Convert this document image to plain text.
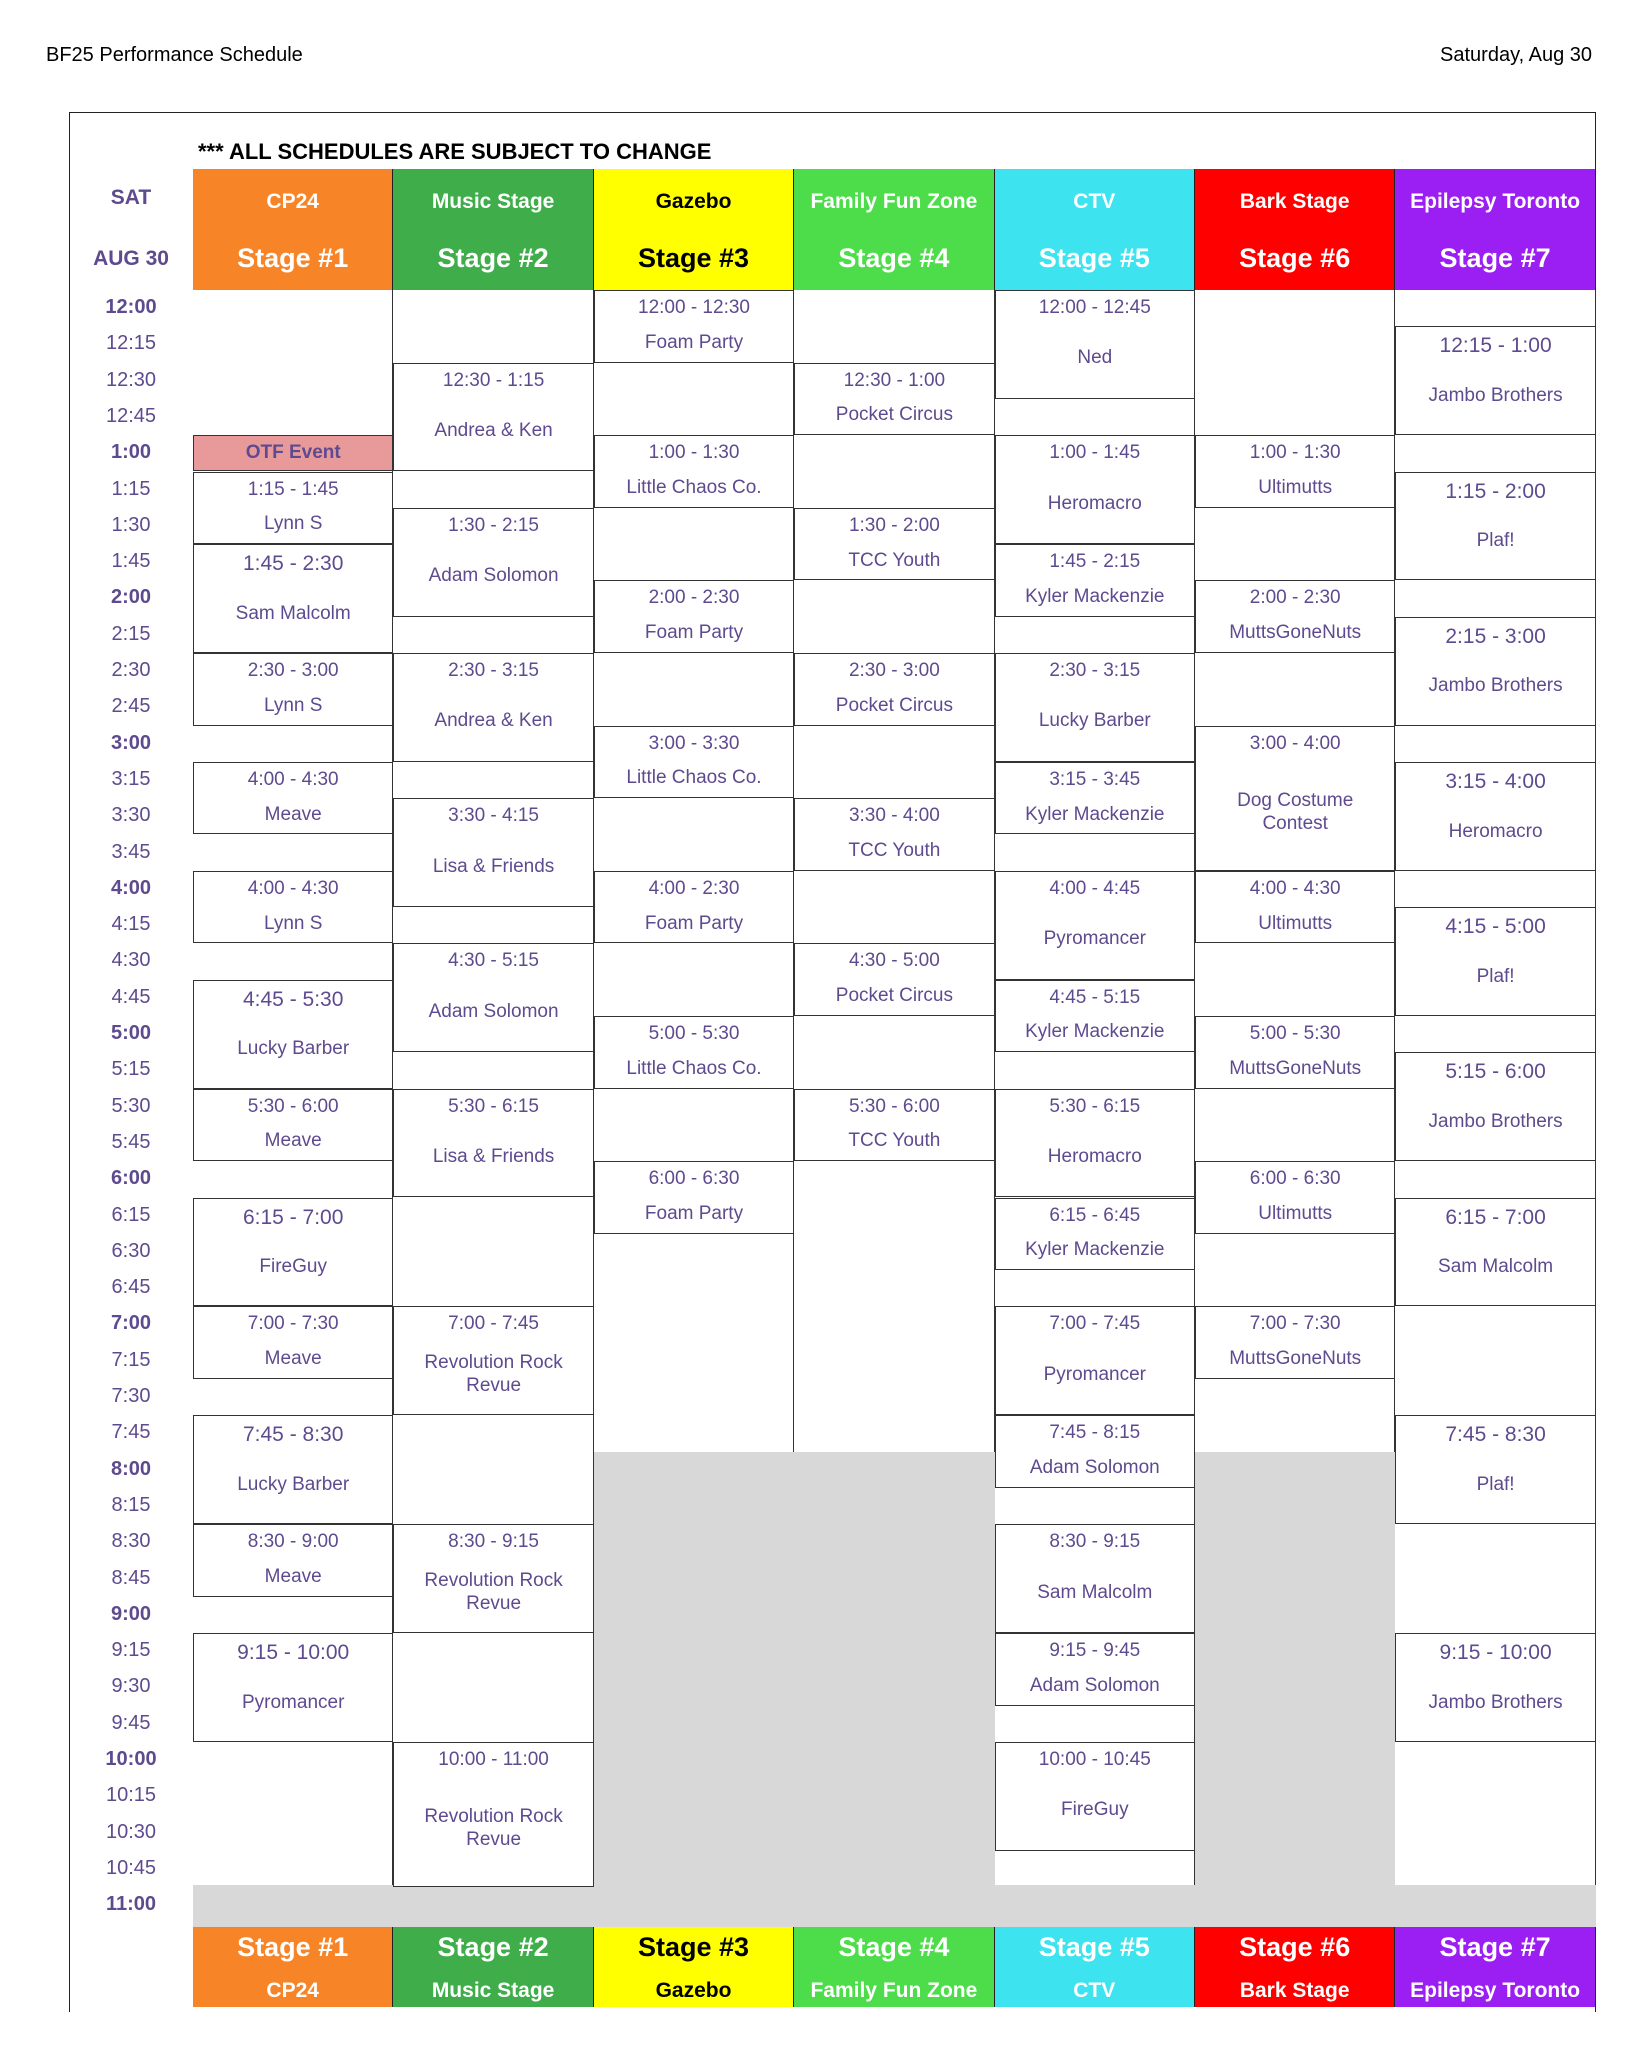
BF25 Performance Schedule	Saturday, Aug 30
*** ALL SCHEDULES ARE SUBJECT TO CHANGE
SAT
AUG 30
12:00
12:15
12:30
12:45
1:00
1:15
1:30
1:45
2:00
2:15
2:30
2:45
3:00
3:15
3:30
3:45
4:00
4:15
4:30
4:45
5:00
5:15
5:30
5:45
6:00
6:15
6:30
6:45
7:00
7:15
7:30
7:45
8:00
8:15
8:30
8:45
9:00
9:15
9:30
9:45
10:00
10:15
10:30
10:45
11:00
CP24
Stage #1
Stage #1
CP24
Music Stage
Stage #2
Stage #2
Music Stage
Gazebo
Stage #3
Stage #3
Gazebo
Family Fun Zone
Stage #4
Stage #4
Family Fun Zone
CTV
Stage #5
Stage #5
CTV
Bark Stage
Stage #6
Stage #6
Bark Stage
Epilepsy Toronto
Stage #7
Stage #7
Epilepsy Toronto
OTF Event
1:15 - 1:45
Lynn S
1:45 - 2:30
Sam Malcolm
2:30 - 3:00
Lynn S
4:00 - 4:30
Meave
4:00 - 4:30
Lynn S
4:45 - 5:30
Lucky Barber
5:30 - 6:00
Meave
6:15 - 7:00
FireGuy
7:00 - 7:30
Meave
7:45 - 8:30
Lucky Barber
8:30 - 9:00
Meave
9:15 - 10:00
Pyromancer
12:30 - 1:15
Andrea & Ken
1:30 - 2:15
Adam Solomon
2:30 - 3:15
Andrea & Ken
3:30 - 4:15
Lisa & Friends
4:30 - 5:15
Adam Solomon
5:30 - 6:15
Lisa & Friends
7:00 - 7:45
Revolution Rock
Revue
8:30 - 9:15
Revolution Rock
Revue
10:00 - 11:00
Revolution Rock
Revue
12:00 - 12:30
Foam Party
1:00 - 1:30
Little Chaos Co.
2:00 - 2:30
Foam Party
3:00 - 3:30
Little Chaos Co.
4:00 - 2:30
Foam Party
5:00 - 5:30
Little Chaos Co.
6:00 - 6:30
Foam Party
12:30 - 1:00
Pocket Circus
1:30 - 2:00
TCC Youth
2:30 - 3:00
Pocket Circus
3:30 - 4:00
TCC Youth
4:30 - 5:00
Pocket Circus
5:30 - 6:00
TCC Youth
12:00 - 12:45
Ned
1:00 - 1:45
Heromacro
1:45 - 2:15
Kyler Mackenzie
2:30 - 3:15
Lucky Barber
3:15 - 3:45
Kyler Mackenzie
4:00 - 4:45
Pyromancer
4:45 - 5:15
Kyler Mackenzie
5:30 - 6:15
Heromacro
6:15 - 6:45
Kyler Mackenzie
7:00 - 7:45
Pyromancer
7:45 - 8:15
Adam Solomon
8:30 - 9:15
Sam Malcolm
9:15 - 9:45
Adam Solomon
10:00 - 10:45
FireGuy
1:00 - 1:30
Ultimutts
2:00 - 2:30
MuttsGoneNuts
3:00 - 4:00
Dog Costume
Contest
4:00 - 4:30
Ultimutts
5:00 - 5:30
MuttsGoneNuts
6:00 - 6:30
Ultimutts
7:00 - 7:30
MuttsGoneNuts
12:15 - 1:00
Jambo Brothers
1:15 - 2:00
Plaf!
2:15 - 3:00
Jambo Brothers
3:15 - 4:00
Heromacro
4:15 - 5:00
Plaf!
5:15 - 6:00
Jambo Brothers
6:15 - 7:00
Sam Malcolm
7:45 - 8:30
Plaf!
9:15 - 10:00
Jambo Brothers
